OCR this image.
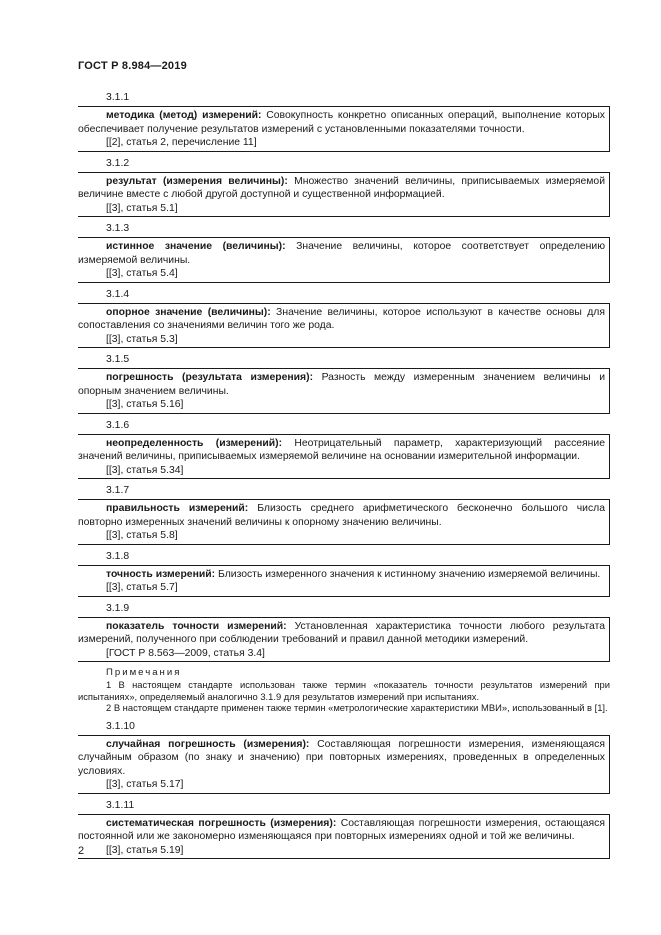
ГОСТ Р 8.984—2019

3.1.1

методика (метод) измерений: Совокупность конкретно описанных операций, выполнение которых обеспечивает получение результатов измерений с установленными показателями точности.

[[2], статья 2, перечисление 11]

3.1.2

результат (измерения величины): Множество значений величины, приписываемых измеряемой величине вместе с любой другой доступной и существенной информацией.

[[3], статья 5.1]

3.1.3

истинное значение (величины): Значение величины, которое соответствует определению измеряемой величины.

[[3], статья 5.4]

3.1.4

опорное значение (величины): Значение величины, которое используют в качестве основы для сопоставления со значениями величин того же рода.

[[3], статья 5.3]

3.1.5

погрешность (результата измерения): Разность между измеренным значением величины и опорным значением величины.

[[3], статья 5.16]

3.1.6

неопределенность (измерений): Неотрицательный параметр, характеризующий рассеяние значений величины, приписываемых измеряемой величине на основании измерительной информации.

[[3], статья 5.34]

3.1.7

правильность измерений: Близость среднего арифметического бесконечно большого числа повторно измеренных значений величины к опорному значению величины.

[[3], статья 5.8]

3.1.8

точность измерений: Близость измеренного значения к истинному значению измеряемой величины.

[[3], статья 5.7]

3.1.9

показатель точности измерений: Установленная характеристика точности любого результата измерений, полученного при соблюдении требований и правил данной методики измерений.

[ГОСТ Р 8.563—2009, статья 3.4]

Примечания

1 В настоящем стандарте использован также термин «показатель точности результатов измерений при испытаниях», определяемый аналогично 3.1.9 для результатов измерений при испытаниях.

2 В настоящем стандарте применен также термин «метрологические характеристики МВИ», использованный в [1].

3.1.10

случайная погрешность (измерения): Составляющая погрешности измерения, изменяющаяся случайным образом (по знаку и значению) при повторных измерениях, проведенных в определенных условиях.

[[3], статья 5.17]

3.1.11

систематическая погрешность (измерения): Составляющая погрешности измерения, остающаяся постоянной или же закономерно изменяющаяся при повторных измерениях одной и той же величины.

[[3], статья 5.19]

2
